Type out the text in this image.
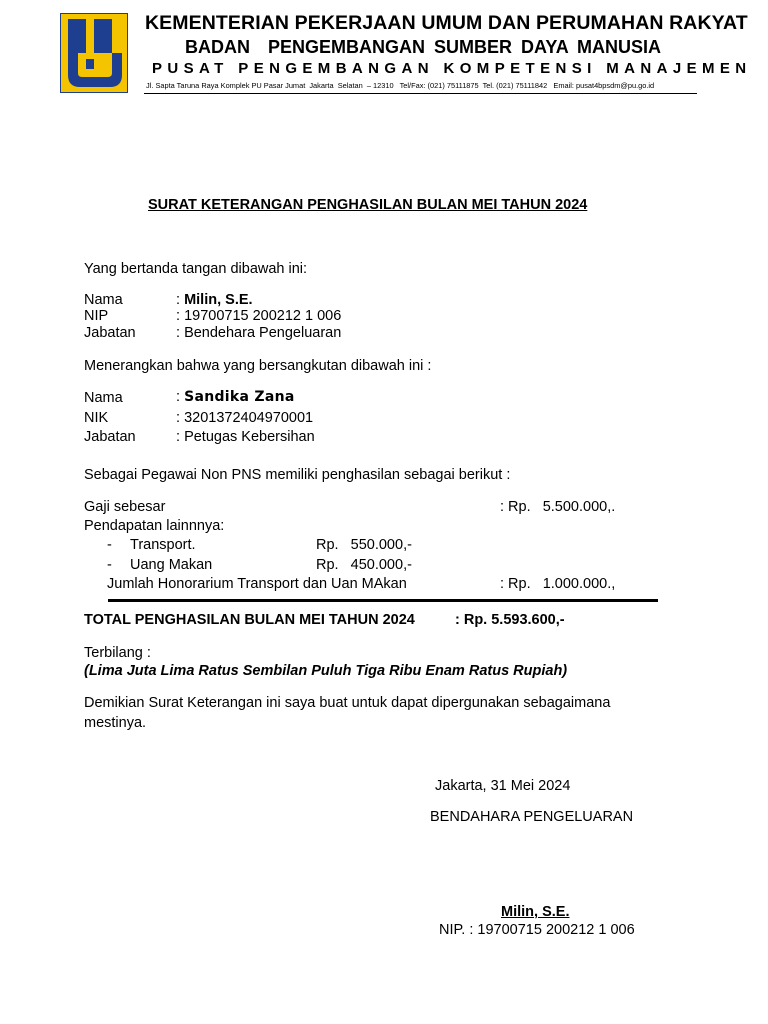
KEMENTERIAN PEKERJAAN UMUM DAN PERUMAHAN RAKYAT
BADAN  PENGEMBANGAN SUMBER DAYA MANUSIA
PUSAT PENGEMBANGAN KOMPETENSI MANAJEMEN
Jl. Sapta Taruna Raya Komplek PU Pasar Jumat  Jakarta  Selatan  – 12310   Tel/Fax: (021) 75111875  Tel. (021) 75111842   Email: pusat4bpsdm@pu.go.id
SURAT KETERANGAN PENGHASILAN BULAN MEI TAHUN 2024
Yang bertanda tangan dibawah ini:
Nama	: Milin, S.E.
NIP	: 19700715 200212 1 006
Jabatan	: Bendehara Pengeluaran
Menerangkan bahwa yang bersangkutan dibawah ini :
Nama	: Sandika Zana
NIK	: 3201372404970001
Jabatan	: Petugas Kebersihan
Sebagai Pegawai Non PNS memiliki penghasilan sebagai berikut :
Gaji sebesar	: Rp.   5.500.000,.
Pendapatan lainnnya:
- Transport.	Rp.   550.000,-
- Uang Makan	Rp.   450.000,-
Jumlah Honorarium Transport dan Uan MAkan	: Rp.   1.000.000.,
TOTAL PENGHASILAN BULAN MEI TAHUN 2024	: Rp. 5.593.600,-
Terbilang :
(Lima Juta Lima Ratus Sembilan Puluh Tiga Ribu Enam Ratus Rupiah)
Demikian Surat Keterangan ini saya buat untuk dapat dipergunakan sebagaimana
mestinya.
Jakarta, 31 Mei 2024
BENDAHARA PENGELUARAN
Milin, S.E.
NIP. : 19700715 200212 1 006
